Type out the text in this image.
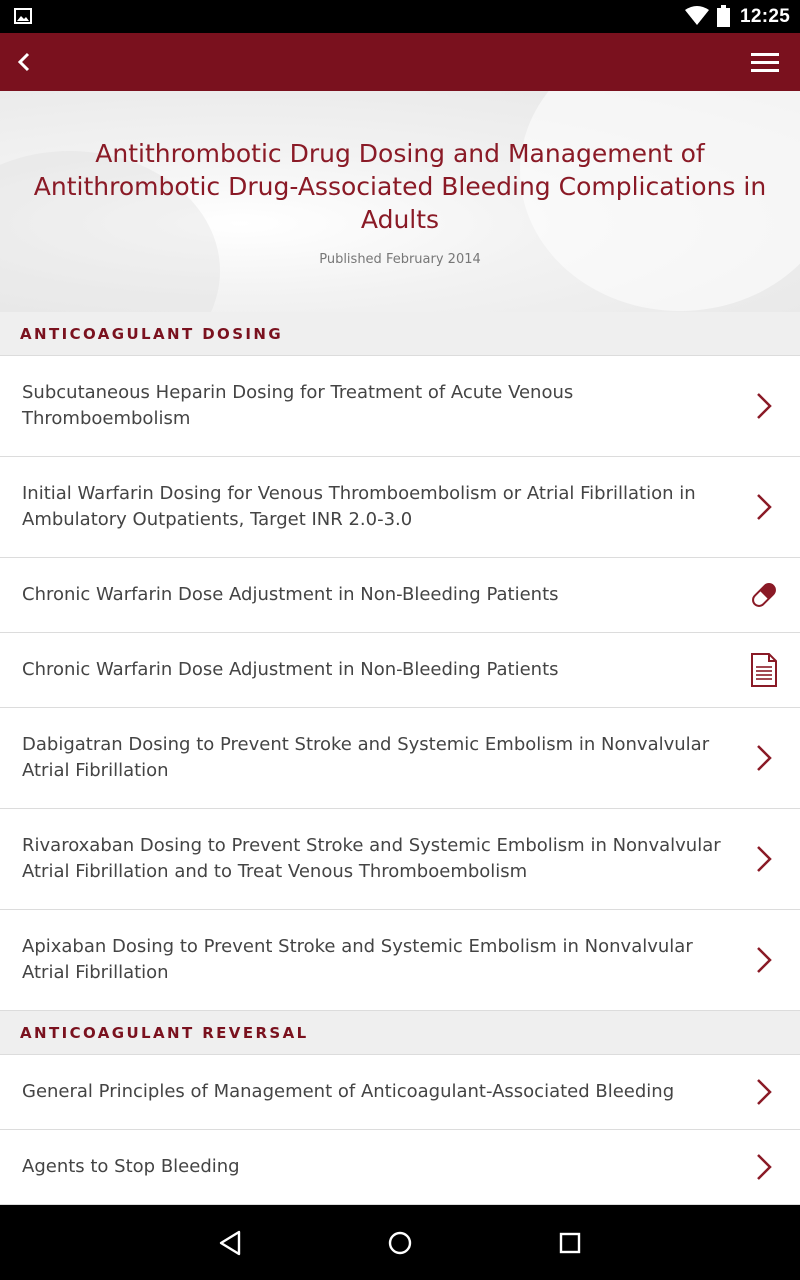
12:25
Antithrombotic Drug Dosing and Management of Antithrombotic Drug-Associated Bleeding Complications in Adults
Published February 2014
ANTICOAGULANT DOSING
Subcutaneous Heparin Dosing for Treatment of Acute Venous Thromboembolism
Initial Warfarin Dosing for Venous Thromboembolism or Atrial Fibrillation in Ambulatory Outpatients, Target INR 2.0-3.0
Chronic Warfarin Dose Adjustment in Non-Bleeding Patients
Chronic Warfarin Dose Adjustment in Non-Bleeding Patients
Dabigatran Dosing to Prevent Stroke and Systemic Embolism in Nonvalvular Atrial Fibrillation
Rivaroxaban Dosing to Prevent Stroke and Systemic Embolism in Nonvalvular Atrial Fibrillation and to Treat Venous Thromboembolism
Apixaban Dosing to Prevent Stroke and Systemic Embolism in Nonvalvular Atrial Fibrillation
ANTICOAGULANT REVERSAL
General Principles of Management of Anticoagulant-Associated Bleeding
Agents to Stop Bleeding
